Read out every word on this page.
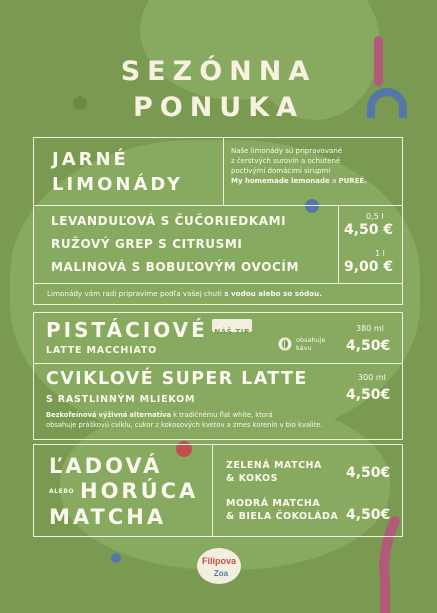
SEZÓNNA
PONUKA
JARNÉ
LIMONÁDY
Naše limonády sú pripravované
z čerstvých surovín a ochutené
poctivými domácimi sirupmi
My homemade lemonade a PUREÉ.
LEVANDUĽOVÁ S ČUČORIEDKAMI
RUŽOVÝ GREP S CITRUSMI
MALINOVÁ S BOBUĽOVÝM OVOCÍM
0,5 l
4,50 €
1 l
9,00 €
Limonády vám radi pripravíme podľa vašej chuti s vodou alebo so sódou.
PISTÁCIOVÉ
LATTE MACCHIATO
NÁŠ TIP
obsahuje
kávu
380 ml
4,50€
CVIKLOVÉ SUPER LATTE
S RASTLINNÝM MLIEKOM
300 ml
4,50€
Bezkofeínová výživná alternatíva k tradičnému flat white, ktorá
obsahuje práškovú cviklu, cukor z kokosových kvetov a zmes korenín v bio kvalite.
ĽADOVÁ
ALEBO HORÚCA
MATCHA
ZELENÁ MATCHA
& KOKOS	4,50€
MODRÁ MATCHA
& BIELA ČOKOLÁDA 4,50€
Filipova
Zoa
